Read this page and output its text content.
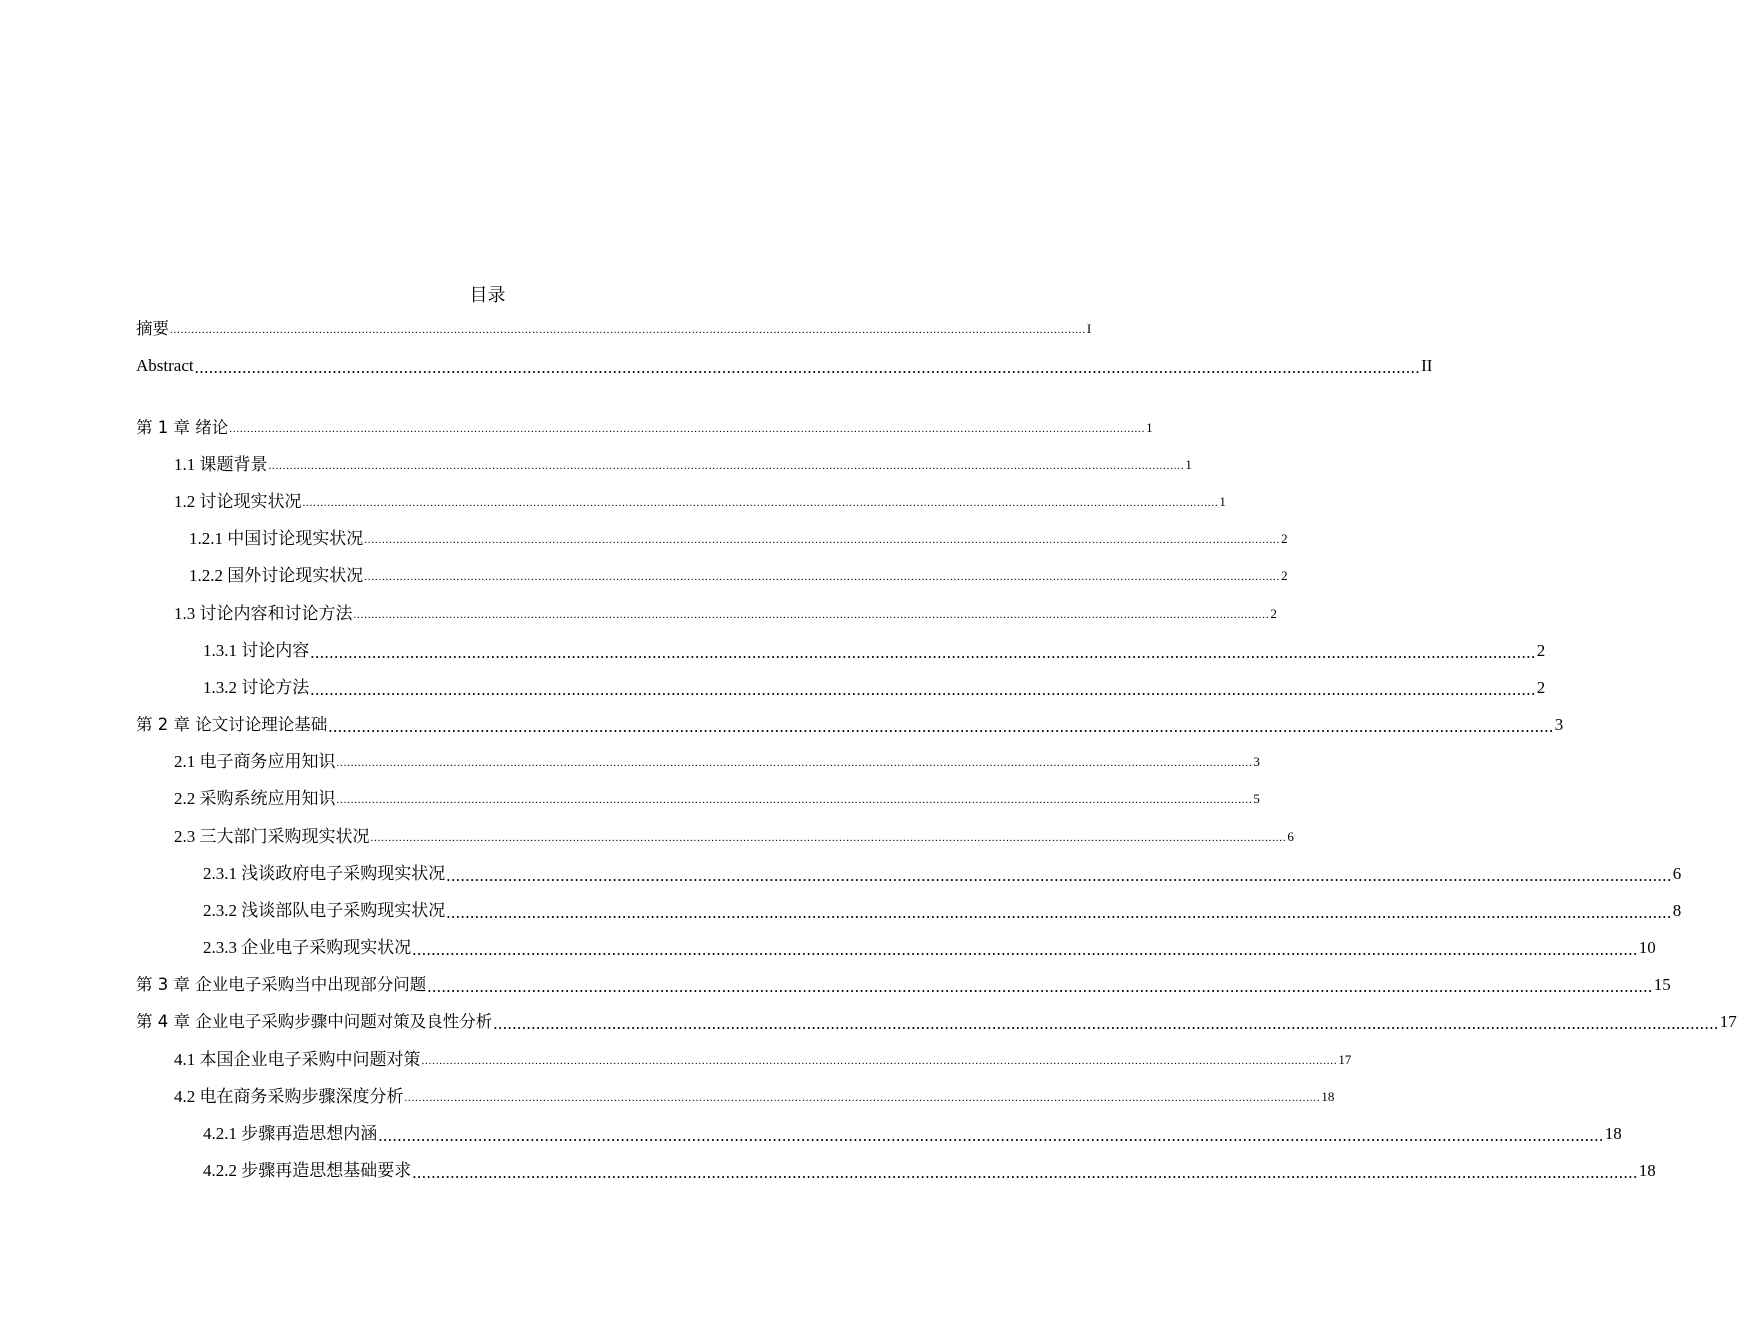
目录
摘要 .................................................................................................................................................................................................................................................................. I
Abstract .................................................................................................................................................................................................................................................................. II
第 1 章 绪论 .................................................................................................................................................................................................................................................................. 1
1.1 课题背景 .................................................................................................................................................................................................................................................................. 1
1.2 讨论现实状况 .................................................................................................................................................................................................................................................................. 1
1.2.1 中国讨论现实状况 .................................................................................................................................................................................................................................................................. 2
1.2.2 国外讨论现实状况 .................................................................................................................................................................................................................................................................. 2
1.3 讨论内容和讨论方法 .................................................................................................................................................................................................................................................................. 2
1.3.1 讨论内容 .................................................................................................................................................................................................................................................................. 2
1.3.2 讨论方法 .................................................................................................................................................................................................................................................................. 2
第 2 章 论文讨论理论基础 .................................................................................................................................................................................................................................................................. 3
2.1 电子商务应用知识 .................................................................................................................................................................................................................................................................. 3
2.2 采购系统应用知识 .................................................................................................................................................................................................................................................................. 5
2.3 三大部门采购现实状况 .................................................................................................................................................................................................................................................................. 6
2.3.1 浅谈政府电子采购现实状况 .................................................................................................................................................................................................................................................................. 6
2.3.2 浅谈部队电子采购现实状况 .................................................................................................................................................................................................................................................................. 8
2.3.3 企业电子采购现实状况 .................................................................................................................................................................................................................................................................. 10
第 3 章 企业电子采购当中出现部分问题 .................................................................................................................................................................................................................................................................. 15
第 4 章 企业电子采购步骤中问题对策及良性分析 .................................................................................................................................................................................................................................................................. 17
4.1 本国企业电子采购中问题对策 .................................................................................................................................................................................................................................................................. 17
4.2 电在商务采购步骤深度分析 .................................................................................................................................................................................................................................................................. 18
4.2.1 步骤再造思想内涵 .................................................................................................................................................................................................................................................................. 18
4.2.2 步骤再造思想基础要求 .................................................................................................................................................................................................................................................................. 18
